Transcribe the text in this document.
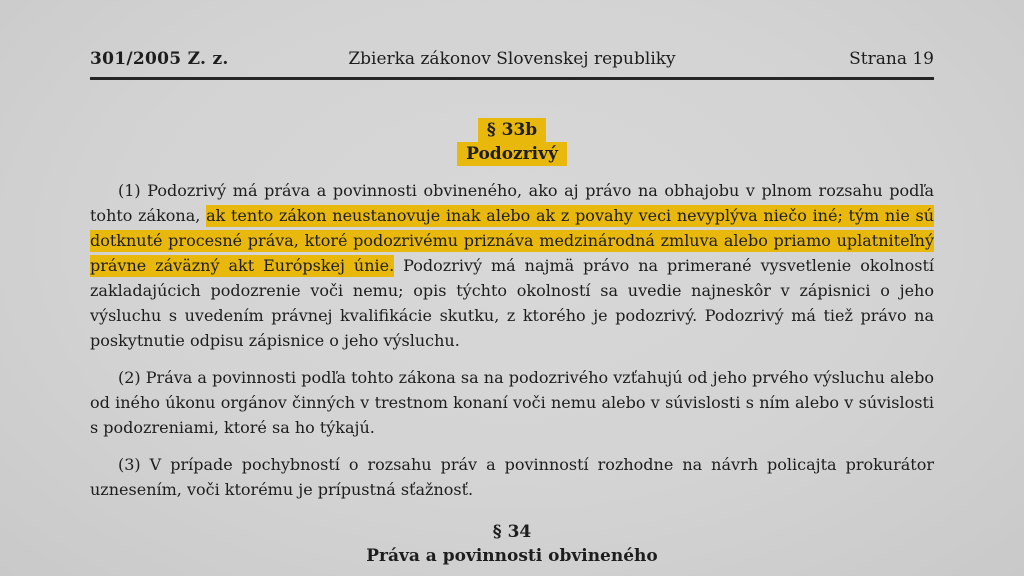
301/2005 Z. z.	Zbierka zákonov Slovenskej republiky	Strana 19
§ 33b
Podozrivý

(1) Podozrivý má práva a povinnosti obvineného, ako aj právo na obhajobu v plnom rozsahu podľa tohto zákona, ak tento zákon neustanovuje inak alebo ak z povahy veci nevyplýva niečo iné; tým nie sú dotknuté procesné práva, ktoré podozrivému priznáva medzinárodná zmluva alebo priamo uplatniteľný právne záväzný akt Európskej únie. Podozrivý má najmä právo na primerané vysvetlenie okolností zakladajúcich podozrenie voči nemu; opis týchto okolností sa uvedie najneskôr v zápisnici o jeho výsluchu s uvedením právnej kvalifikácie skutku, z ktorého je podozrivý. Podozrivý má tiež právo na poskytnutie odpisu zápisnice o jeho výsluchu.

(2) Práva a povinnosti podľa tohto zákona sa na podozrivého vzťahujú od jeho prvého výsluchu alebo od iného úkonu orgánov činných v trestnom konaní voči nemu alebo v súvislosti s ním alebo v súvislosti s podozreniami, ktoré sa ho týkajú.

(3) V prípade pochybností o rozsahu práv a povinností rozhodne na návrh policajta prokurátor uznesením, voči ktorému je prípustná sťažnosť.

§ 34
Práva a povinnosti obvineného
